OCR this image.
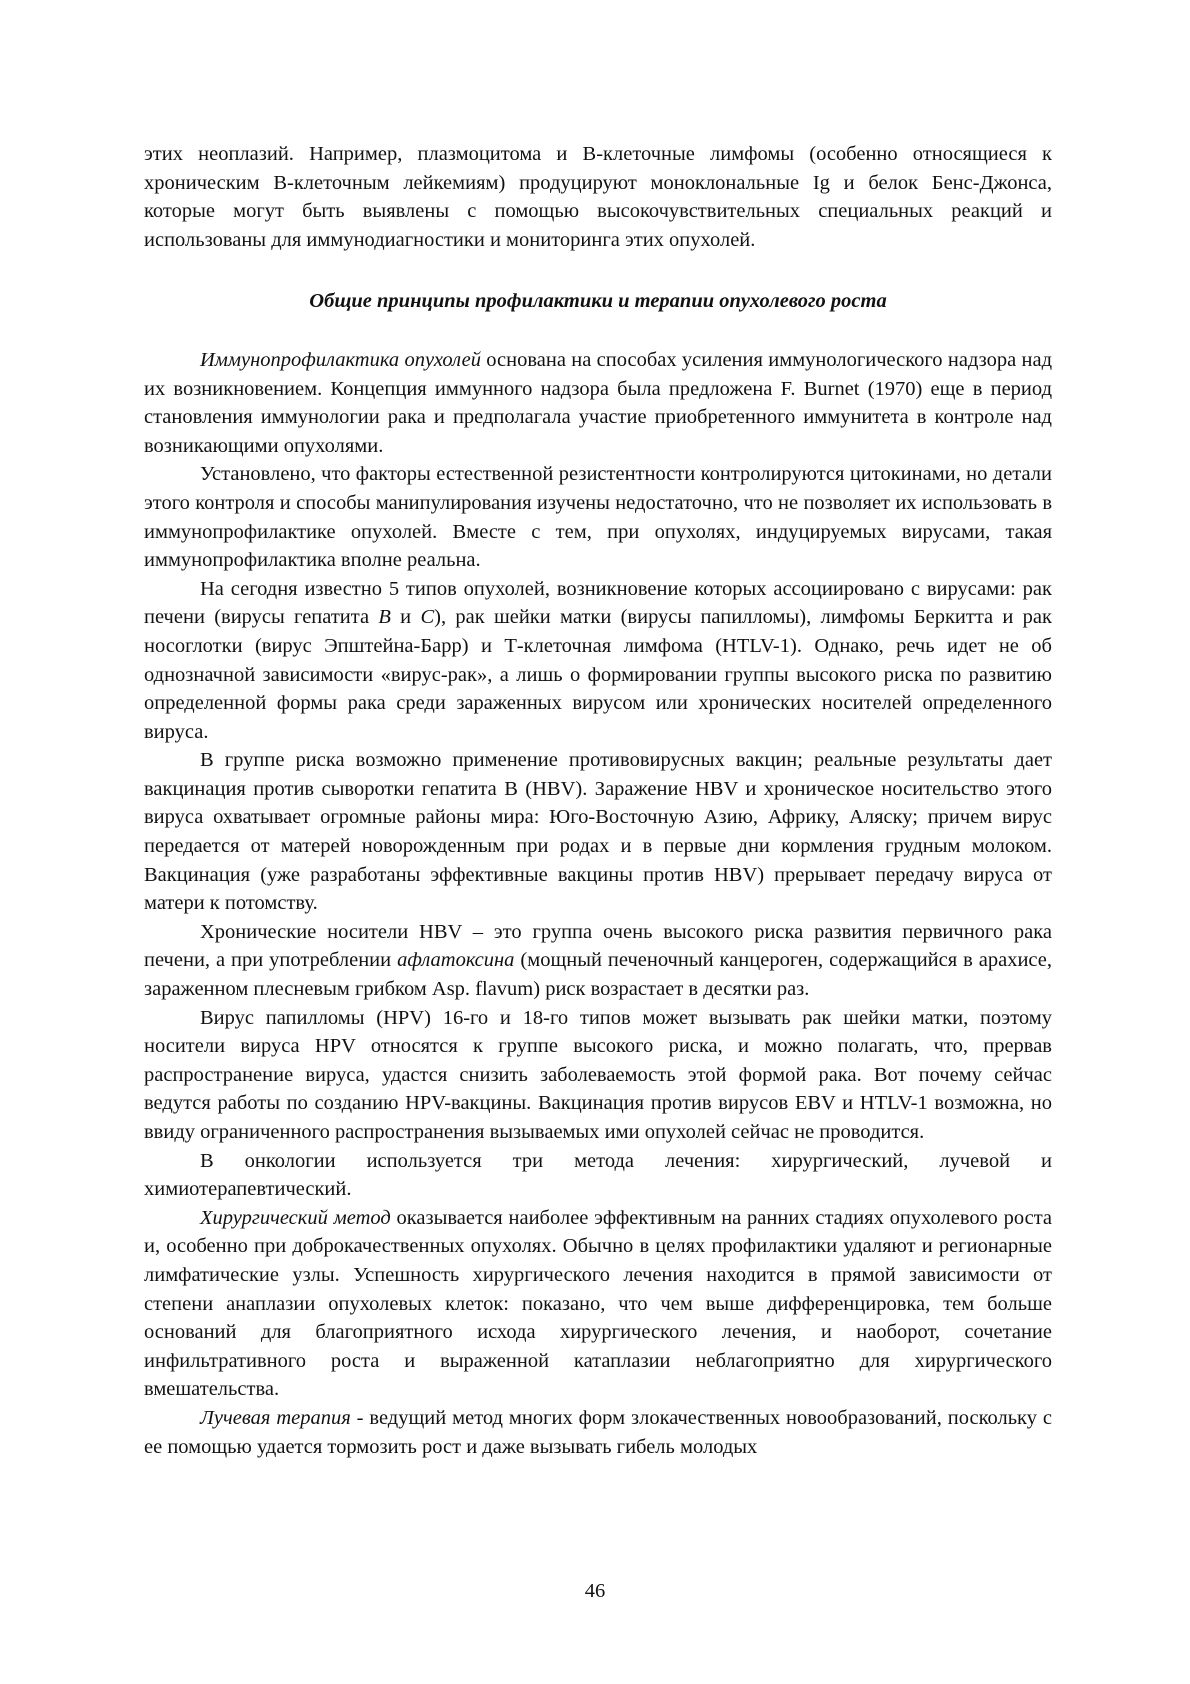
этих неоплазий. Например, плазмоцитома и В-клеточные лимфомы (особенно относящиеся к хроническим В-клеточным лейкемиям) продуцируют моноклональные Ig и белок Бенс-Джонса, которые могут быть выявлены с помощью высокочувствительных специальных реакций и использованы для иммунодиагностики и мониторинга этих опухолей.

Общие принципы профилактики и терапии опухолевого роста

Иммунопрофилактика опухолей основана на способах усиления иммунологического надзора над их возникновением. Концепция иммунного надзора была предложена F. Burnet (1970) еще в период становления иммунологии рака и предполагала участие приобретенного иммунитета в контроле над возникающими опухолями.

Установлено, что факторы естественной резистентности контролируются цитокинами, но детали этого контроля и способы манипулирования изучены недостаточно, что не позволяет их использовать в иммунопрофилактике опухолей. Вместе с тем, при опухолях, индуцируемых вирусами, такая иммунопрофилактика вполне реальна.

На сегодня известно 5 типов опухолей, возникновение которых ассоциировано с вирусами: рак печени (вирусы гепатита B и C), рак шейки матки (вирусы папилломы), лимфомы Беркитта и рак носоглотки (вирус Эпштейна-Барр) и Т-клеточная лимфома (HTLV-1). Однако, речь идет не об однозначной зависимости «вирус-рак», а лишь о формировании группы высокого риска по развитию определенной формы рака среди зараженных вирусом или хронических носителей определенного вируса.

В группе риска возможно применение противовирусных вакцин; реальные результаты дает вакцинация против сыворотки гепатита В (HBV). Заражение HBV и хроническое носительство этого вируса охватывает огромные районы мира: Юго-Восточную Азию, Африку, Аляску; причем вирус передается от матерей новорожденным при родах и в первые дни кормления грудным молоком. Вакцинация (уже разработаны эффективные вакцины против HBV) прерывает передачу вируса от матери к потомству.

Хронические носители HBV – это группа очень высокого риска развития первичного рака печени, а при употреблении афлатоксина (мощный печеночный канцероген, содержащийся в арахисе, зараженном плесневым грибком Asp. flavum) риск возрастает в десятки раз.

Вирус папилломы (HPV) 16-го и 18-го типов может вызывать рак шейки матки, поэтому носители вируса HPV относятся к группе высокого риска, и можно полагать, что, прервав распространение вируса, удастся снизить заболеваемость этой формой рака. Вот почему сейчас ведутся работы по созданию HPV-вакцины. Вакцинация против вирусов EBV и HTLV-1 возможна, но ввиду ограниченного распространения вызываемых ими опухолей сейчас не проводится.

В онкологии используется три метода лечения: хирургический, лучевой и химиотерапевтический.

Хирургический метод оказывается наиболее эффективным на ранних стадиях опухолевого роста и, особенно при доброкачественных опухолях. Обычно в целях профилактики удаляют и регионарные лимфатические узлы. Успешность хирургического лечения находится в прямой зависимости от степени анаплазии опухолевых клеток: показано, что чем выше дифференцировка, тем больше оснований для благоприятного исхода хирургического лечения, и наоборот, сочетание инфильтративного роста и выраженной катаплазии неблагоприятно для хирургического вмешательства.

Лучевая терапия - ведущий метод многих форм злокачественных новообразований, поскольку с ее помощью удается тормозить рост и даже вызывать гибель молодых

46
